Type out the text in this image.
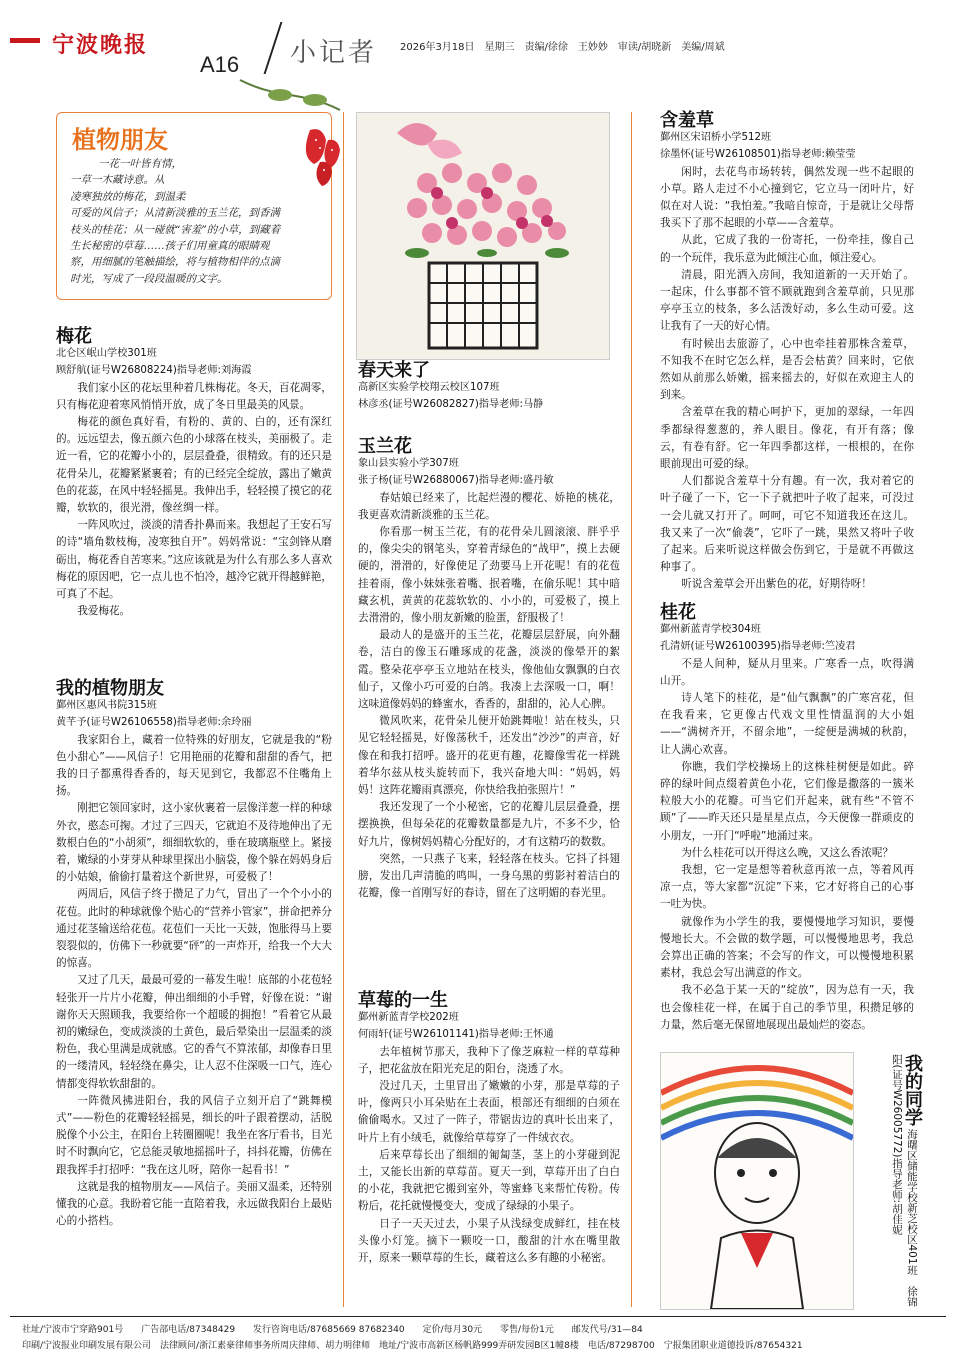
宁波晚报
A16 小记者 2026年3月18日　星期三　责编/徐徐　王妙妙　审读/胡晓新　美编/周斌
植物朋友

一花一叶皆有情，

一草一木藏诗意。从

凌寒独放的梅花，到温柔

可爱的风信子；从清新淡雅的玉兰花，到香满

枝头的桂花；从一碰就“害羞”的小草，到藏着

生长秘密的草莓……孩子们用童真的眼睛观

察，用细腻的笔触描绘，将与植物相伴的点滴

时光，写成了一段段温暖的文字。

梅花

北仑区岷山学校301班

顾舒航(证号W26808224)指导老师:刘海霞

我们家小区的花坛里种着几株梅花。冬天，百花凋零，只有梅花迎着寒风悄悄开放，成了冬日里最美的风景。

梅花的颜色真好看，有粉的、黄的、白的，还有深红的。远远望去，像五颜六色的小球落在枝头，美丽极了。走近一看，它的花瓣小小的，层层叠叠，很精致。有的还只是花骨朵儿，花瓣紧紧裹着；有的已经完全绽放，露出了嫩黄色的花蕊，在风中轻轻摇晃。我伸出手，轻轻摸了摸它的花瓣，软软的，很光滑，像丝绸一样。

一阵风吹过，淡淡的清香扑鼻而来。我想起了王安石写的诗“墙角数枝梅，凌寒独自开”。妈妈常说：“宝剑锋从磨砺出，梅花香自苦寒来。”这应该就是为什么有那么多人喜欢梅花的原因吧，它一点儿也不怕冷，越冷它就开得越鲜艳，可真了不起。

我爱梅花。

我的植物朋友

鄞州区惠风书院315班

黄芊予(证号W26106558)指导老师:余玲丽

我家阳台上，藏着一位特殊的好朋友，它就是我的“粉色小甜心”——风信子！它用艳丽的花瓣和甜甜的香气，把我的日子都熏得香香的，每天见到它，我都忍不住嘴角上扬。

刚把它领回家时，这小家伙裹着一层像洋葱一样的种球外衣，憨态可掬。才过了三四天，它就迫不及待地伸出了无数根白色的“小胡须”，细细软软的，垂在玻璃瓶壁上。紧接着，嫩绿的小芽芽从种球里探出小脑袋，像个躲在妈妈身后的小姑娘，偷偷打量着这个新世界，可爱极了！

两周后，风信子终于攒足了力气，冒出了一个个小小的花苞。此时的种球就像个贴心的“营养小管家”，拼命把养分通过花茎输送给花苞。花苞们一天比一天鼓，饱胀得马上要裂裂似的，仿佛下一秒就要“砰”的一声炸开，给我一个大大的惊喜。

又过了几天，最最可爱的一幕发生啦！底部的小花苞轻轻张开一片片小花瓣，伸出细细的小手臂，好像在说：“谢谢你天天照顾我，我要给你一个超暖的拥抱！”看着它从最初的嫩绿色，变成淡淡的土黄色，最后晕染出一层温柔的淡粉色，我心里满是成就感。它的香气不算浓郁，却像春日里的一缕清风，轻轻绕在鼻尖，让人忍不住深吸一口气，连心情都变得软软甜甜的。

一阵微风拂进阳台，我的风信子立刻开启了“跳舞模式”——粉色的花瓣轻轻摇晃，细长的叶子跟着摆动，活脱脱像个小公主，在阳台上转圈圈呢！我坐在客厅看书，目光时不时飘向它，它总能灵敏地摇摇叶子，抖抖花瓣，仿佛在跟我挥手打招呼：“我在这儿呀，陪你一起看书！”

这就是我的植物朋友——风信子。美丽又温柔，还特别懂我的心意。我盼着它能一直陪着我，永远做我阳台上最贴心的小搭档。

春天来了

高新区实验学校翔云校区107班

林彦丞(证号W26082827)指导老师:马静

玉兰花

象山县实验小学307班

张子杨(证号W26880067)指导老师:盛丹敏

春姑娘已经来了，比起烂漫的樱花、娇艳的桃花，我更喜欢清新淡雅的玉兰花。

你看那一树玉兰花，有的花骨朵儿圆滚滚、胖乎乎的，像尖尖的钢笔头，穿着青绿色的“战甲”，摸上去硬硬的，滑滑的，好像使足了劲要马上开花呢！有的花苞挂着雨，像小妹妹张着嘴、抿着嘴，在偷乐呢！其中暗藏玄机，黄黄的花蕊软软的、小小的，可爱极了，摸上去滑滑的，像小朋友新嫩的脸蛋，舒服极了！

最动人的是盛开的玉兰花，花瓣层层舒展，向外翻卷，洁白的像玉石雕琢成的花盏，淡淡的像晕开的絮霞。整朵花亭亭玉立地站在枝头，像他仙女飘飘的白衣仙子，又像小巧可爱的白鸽。我凑上去深吸一口，啊！这味道像妈妈的蜂蜜水，香香的，甜甜的，沁人心脾。

微风吹来，花骨朵儿便开始跳舞啦！站在枝头，只见它轻轻摇晃，好像荡秋千，还发出“沙沙”的声音，好像在和我打招呼。盛开的花更有趣，花瓣像雪花一样跳着华尔兹从枝头旋转而下，我兴奋地大叫：“妈妈，妈妈！这阵花瓣雨真漂亮，你快给我拍张照片！”

我还发现了一个小秘密，它的花瓣儿层层叠叠，摆摆换换，但每朵花的花瓣数量都是九片，不多不少，恰好九片，像树妈妈精心分配好的，才有这精巧的数数。

突然，一只燕子飞来，轻轻落在枝头。它抖了抖翅膀，发出几声清脆的鸣叫，一身乌黑的剪影衬着洁白的花瓣，像一首刚写好的春诗，留在了这明媚的春光里。

草莓的一生

鄞州新蓝青学校202班

何雨轩(证号W26101141)指导老师:王怀通

去年植树节那天，我种下了像芝麻粒一样的草莓种子，把花盆放在阳光充足的阳台，浇透了水。

没过几天，土里冒出了嫩嫩的小芽，那是草莓的子叶，像两只小耳朵贴在土表面，根部还有细细的白须在偷偷喝水。又过了一阵子，带锯齿边的真叶长出来了，叶片上有小绒毛，就像给草莓穿了一件绒衣衣。

后来草莓长出了细细的匍匐茎，茎上的小芽碰到泥土，又能长出新的草莓苗。夏天一到，草莓开出了白白的小花，我就把它搬到室外，等蜜蜂飞来帮忙传粉。传粉后，花托就慢慢变大，变成了绿绿的小果子。

日子一天天过去，小果子从浅绿变成鲜红，挂在枝头像小灯笼。摘下一颗咬一口，酸甜的汁水在嘴里散开，原来一颗草莓的生长，藏着这么多有趣的小秘密。

含羞草

鄞州区宋诏桥小学512班

徐墨怀(证号W26108501)指导老师:赖莹莹

闲时，去花鸟市场转转，偶然发现一些不起眼的小草。路人走过不小心撞到它，它立马一闭叶片，好似在对人说：“我怕羞。”我暗自惊奇，于是就让父母帮我买下了那不起眼的小草——含羞草。

从此，它成了我的一份寄托，一份牵挂，像自己的一个玩伴，我乐意为此倾注心血，倾注爱心。

清晨，阳光洒入房间，我知道新的一天开始了。一起床，什么事都不管不顾就跑到含羞草前，只见那亭亭玉立的枝条，多么活泼好动，多么生动可爱。这让我有了一天的好心情。

有时候出去旅游了，心中也牵挂着那株含羞草，不知我不在时它怎么样，是否会枯黄？回来时，它依然如从前那么娇嫩，摇来摇去的，好似在欢迎主人的到来。

含羞草在我的精心呵护下，更加的翠绿，一年四季都绿得葱葱的，养人眼目。像花，有开有落；像云，有卷有舒。它一年四季都这样，一根根的，在你眼前现出可爱的绿。

人们都说含羞草十分有趣。有一次，我对着它的叶子碰了一下，它一下子就把叶子收了起来，可没过一会儿就又打开了。呵呵，可它不知道我还在这儿。我又来了一次“偷袭”，它吓了一跳，果然又将叶子收了起来。后来听说这样做会伤到它，于是就不再做这种事了。

听说含羞草会开出紫色的花，好期待呀！

桂花

鄞州新蓝青学校304班

孔清妍(证号W26100395)指导老师:竺凌君

不是人间种，疑从月里来。广寒香一点，吹得满山开。

诗人笔下的桂花，是“仙气飘飘”的广寒宫花，但在我看来，它更像古代戏文里性情温润的大小姐——“满树齐开，不留余地”，一绽便是满城的秋韵，让人满心欢喜。

你瞧，我们学校操场上的这株桂树便是如此。碎碎的绿叶间点缀着黄色小花，它们像是撒落的一簇米粒般大小的花瓣。可当它们开起来，就有些“不管不顾”了——昨天还只是星星点点，今天便像一群顽皮的小朋友，一开门“呼啦”地涌过来。

为什么桂花可以开得这么晚，又这么香浓呢？

我想，它一定是想等着秋意再浓一点，等着风再凉一点，等大家都“沉淀”下来，它才好将自己的心事一吐为快。

就像作为小学生的我，要慢慢地学习知识，要慢慢地长大。不会做的数学题，可以慢慢地思考，我总会算出正确的答案；不会写的作文，可以慢慢地积累素材，我总会写出满意的作文。

我不必急于某一天的“绽放”，因为总有一天，我也会像桂花一样，在属于自己的季节里，积攒足够的力量，然后毫无保留地展现出最灿烂的姿态。

我的同学 海曙区储能学校新芝校区401班　徐锦阳(证号W26005772)指导老师:胡佳妮
社址/宁波市宁穿路901号　　广告部电话/87348429　　发行咨询电话/87685669 87682340　　定价/每月30元　　零售/每份1元　　邮发代号/31—84
印刷/宁波报业印刷发展有限公司　法律顾问/浙江素豪律师事务所周庆律师、胡力明律师　地址/宁波市高新区杨帆路999弄研发园B区1幢8楼　电话/87298700　宁报集团职业道德投诉/87654321
